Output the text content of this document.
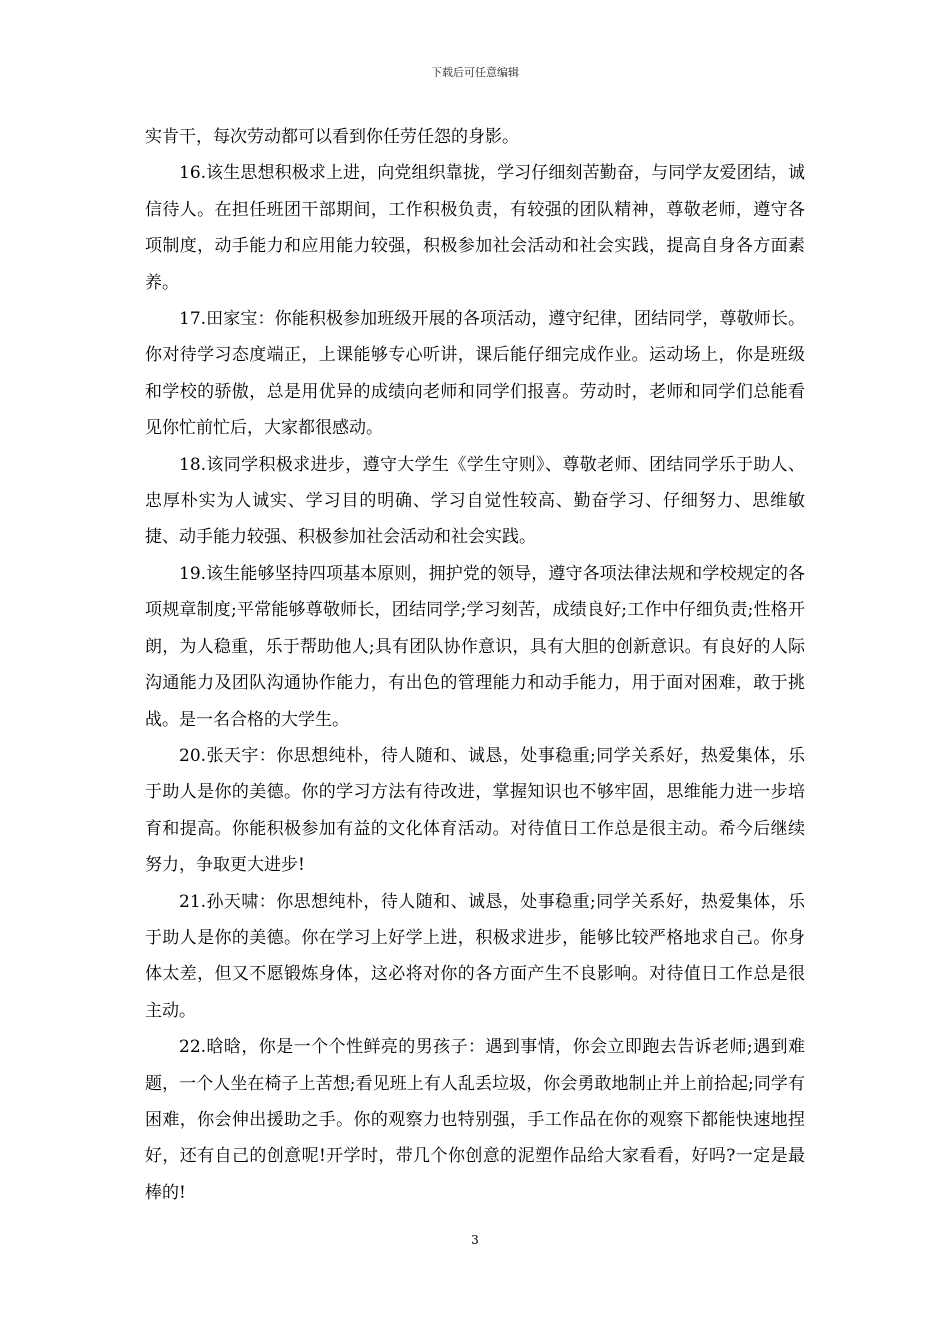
下载后可任意编辑

实肯干，每次劳动都可以看到你任劳任怨的身影。

16.该生思想积极求上进，向党组织靠拢，学习仔细刻苦勤奋，与同学友爱团结，诚信待人。在担任班团干部期间，工作积极负责，有较强的团队精神，尊敬老师，遵守各项制度，动手能力和应用能力较强，积极参加社会活动和社会实践，提高自身各方面素养。

17.田家宝：你能积极参加班级开展的各项活动，遵守纪律，团结同学，尊敬师长。你对待学习态度端正，上课能够专心听讲，课后能仔细完成作业。运动场上，你是班级和学校的骄傲，总是用优异的成绩向老师和同学们报喜。劳动时，老师和同学们总能看见你忙前忙后，大家都很感动。

18.该同学积极求进步，遵守大学生《学生守则》、尊敬老师、团结同学乐于助人、忠厚朴实为人诚实、学习目的明确、学习自觉性较高、勤奋学习、仔细努力、思维敏捷、动手能力较强、积极参加社会活动和社会实践。

19.该生能够坚持四项基本原则，拥护党的领导，遵守各项法律法规和学校规定的各项规章制度;平常能够尊敬师长，团结同学;学习刻苦，成绩良好;工作中仔细负责;性格开朗，为人稳重，乐于帮助他人;具有团队协作意识，具有大胆的创新意识。有良好的人际沟通能力及团队沟通协作能力，有出色的管理能力和动手能力，用于面对困难，敢于挑战。是一名合格的大学生。

20.张天宇：你思想纯朴，待人随和、诚恳，处事稳重;同学关系好，热爱集体，乐于助人是你的美德。你的学习方法有待改进，掌握知识也不够牢固，思维能力进一步培育和提高。你能积极参加有益的文化体育活动。对待值日工作总是很主动。希今后继续努力，争取更大进步!

21.孙天啸：你思想纯朴，待人随和、诚恳，处事稳重;同学关系好，热爱集体，乐于助人是你的美德。你在学习上好学上进，积极求进步，能够比较严格地求自己。你身体太差，但又不愿锻炼身体，这必将对你的各方面产生不良影响。对待值日工作总是很主动。

22.晗晗，你是一个个性鲜亮的男孩子：遇到事情，你会立即跑去告诉老师;遇到难题，一个人坐在椅子上苦想;看见班上有人乱丢垃圾，你会勇敢地制止并上前拾起;同学有困难，你会伸出援助之手。你的观察力也特别强，手工作品在你的观察下都能快速地捏好，还有自己的创意呢!开学时，带几个你创意的泥塑作品给大家看看，好吗?一定是最棒的!

3
